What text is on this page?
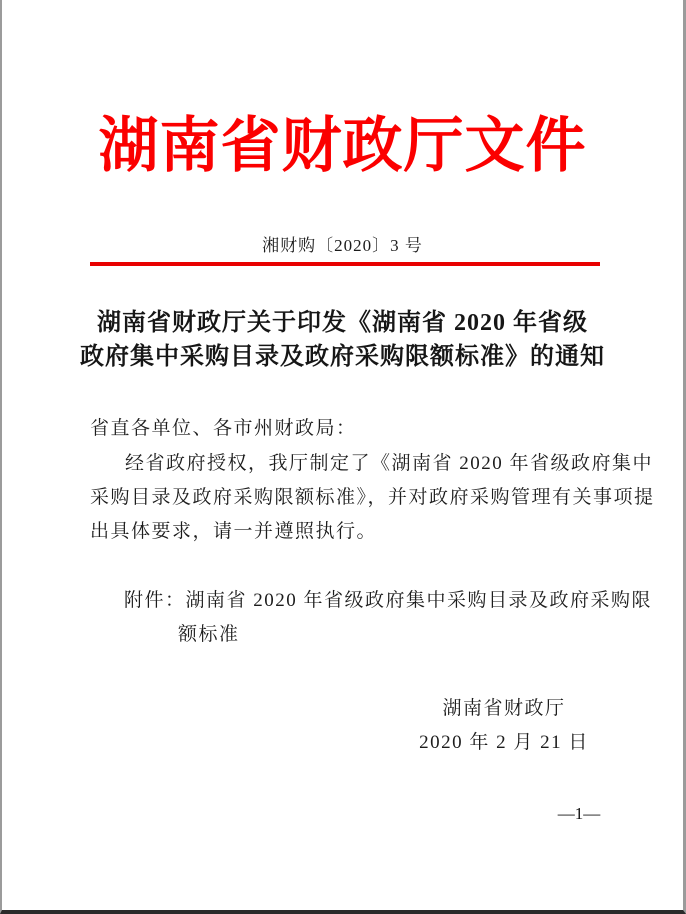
湖南省财政厅文件
湘财购〔2020〕3 号
湖南省财政厅关于印发《湖南省 2020 年省级
政府集中采购目录及政府采购限额标准》的通知
省直各单位、各市州财政局：
经省政府授权，我厅制定了《湖南省 2020 年省级政府集中
采购目录及政府采购限额标准》，并对政府采购管理有关事项提
出具体要求，请一并遵照执行。
附件：湖南省 2020 年省级政府集中采购目录及政府采购限
额标准
湖南省财政厅
2020 年 2 月 21 日
—1—
